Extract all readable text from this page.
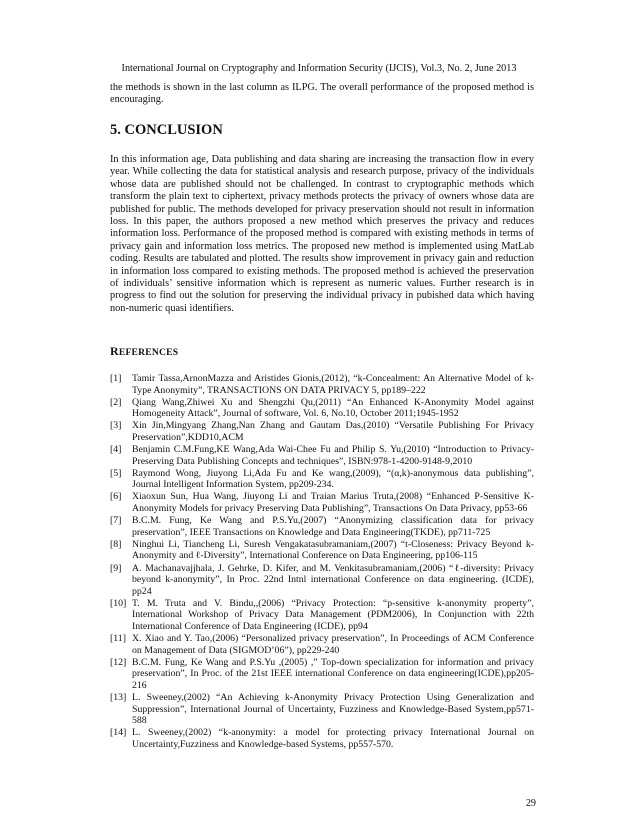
International Journal on Cryptography and Information Security (IJCIS), Vol.3, No. 2, June 2013
the methods is shown in the last column as ILPG. The overall performance of the proposed method is encouraging.
5. CONCLUSION
In this information age, Data publishing and data sharing are increasing the transaction flow in every year. While collecting the data for statistical analysis and research purpose, privacy of the individuals whose data are published should not be challenged. In contrast to cryptographic methods which transform the plain text to ciphertext, privacy methods protects the privacy of owners whose data are published for public. The methods developed for privacy preservation should not result in information loss. In this paper, the authors proposed a new method which preserves the privacy and reduces information loss. Performance of the proposed method is compared with existing methods in terms of privacy gain and information loss metrics. The proposed new method is implemented using MatLab coding. Results are tabulated and plotted. The results show improvement in privacy gain and reduction in information loss compared to existing methods. The proposed method is achieved the preservation of individuals’ sensitive information which is represent as numeric values. Further research is in progress to find out the solution for preserving the individual privacy in pubished data which having non-numeric quasi identifiers.
REFERENCES
[1]	Tamir Tassa,ArnonMazza and Aristides Gionis,(2012), “k-Concealment: An Alternative Model of k-Type Anonymity”, TRANSACTIONS ON DATA PRIVACY 5, pp189–222
[2]	Qiang Wang,Zhiwei Xu and Shengzhi Qu,(2011) “An Enhanced K-Anonymity Model against Homogeneity Attack”, Journal of software, Vol. 6, No.10, October 2011;1945-1952
[3]	Xin Jin,Mingyang Zhang,Nan Zhang and Gautam Das,(2010) “Versatile Publishing For Privacy Preservation”,KDD10,ACM
[4]	Benjamin C.M.Fung,KE Wang,Ada Wai-Chee Fu and Philip S. Yu,(2010) “Introduction to Privacy-Preserving Data Publishing Concepts and techniques”, ISBN:978-1-4200-9148-9,2010
[5]	Raymond Wong, Jiuyong Li,Ada Fu and Ke wang,(2009), “(α,k)-anonymous data publishing”, Journal Intelligent Information System, pp209-234.
[6]	Xiaoxun Sun, Hua Wang, Jiuyong Li and Traian Marius Truta,(2008) “Enhanced P-Sensitive K-Anonymity Models for privacy Preserving Data Publishing”, Transactions On Data Privacy, pp53-66
[7]	B.C.M. Fung, Ke Wang and P.S.Yu,(2007) “Anonymizing classification data for privacy preservation”, IEEE Transactions on Knowledge and Data Engineering(TKDE), pp711-725
[8]	Ninghui Li, Tiancheng Li, Suresh Vengakatasubramaniam,(2007) “t-Closeness: Privacy Beyond k-Anonymity and ℓ-Diversity”, International Conference on Data Engineering, pp106-115
[9]	A. Machanavajjhala, J. Gehrke, D. Kifer, and M. Venkitasubramaniam,(2006) “ℓ-diversity: Privacy beyond k-anonymity”, In Proc. 22nd Intnl international Conference on data engineering. (ICDE), pp24
[10] T. M. Truta and V. Bindu,,(2006) “Privacy Protection: “p-sensitive k-anonymity property”, International Workshop of Privacy Data Management (PDM2006), In Conjunction with 22th International Conference of Data Engineering (ICDE), pp94
[11] X. Xiao and Y. Tao,(2006) “Personalized privacy preservation”, In Proceedings of ACM Conference on Management of Data (SIGMOD’06”), pp229-240
[12] B.C.M. Fung, Ke Wang and P.S.Yu ,(2005) ,” Top-down specialization for information and privacy preservation”, In Proc. of the 21st IEEE international Conference on data engineering(ICDE),pp205-216
[13] L. Sweeney,(2002) “An Achieving k-Anonymity Privacy Protection Using Generalization and Suppression”, International Journal of Uncertainty, Fuzziness and Knowledge-Based System,pp571-588
[14] L. Sweeney,(2002) “k-anonymity: a model for protecting privacy International Journal on Uncertainty,Fuzziness and Knowledge-based Systems, pp557-570.
29
